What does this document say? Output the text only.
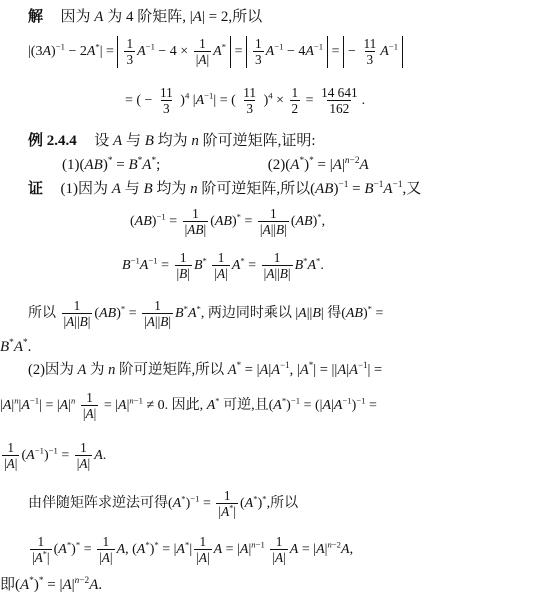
解 因为 A 为 4 阶矩阵, |A| = 2,所以
$|(3A)^{-1} - 2A^*| = \frac{1}{3} A^{-1} - 4 \times \frac{1}{|A|} A^* = \frac{1}{3} A^{-1} - 4A^{-1}$ = − $\frac{11}{3} A^{-1}$
= ( − $\frac{11}{3} )^4$ $|A^{-1}|$ = ( $\frac{11}{3} )^4 \times \frac{1}{2} = \frac{14 641}{162}$ .
例 2.4.4 设 A 与 B 均为 n 阶可逆矩阵,证明:
(1)(AB)* = B*A*;	$(2)(A^*)^* = |A|^{n-2}A$
证 (1)因为 A 与 B 均为 n 阶可逆矩阵,所以$(AB)^{-1} = B^{-1}A^{-1}$,又
$(AB)^{-1} = \frac{1}{|AB|} (AB)^* = \frac{1}{|A||B|} (AB)^*$,
$B^{-1}A^{-1} = \frac{1}{|B|} B^* \frac{1}{|A|} A^* = \frac{1}{|A||B|} B^*A^*$.
所以 $\frac{1}{|A||B|} (AB)^* = \frac{1}{|A||B|} B^*A^*$, 两边同时乘以 |A||B| 得(AB)* =
B*A*.
(2)因为 A 为 n 阶可逆矩阵,所以 $A^* = |A|A^{-1}$, $|A^*| = ||A|A^{-1}|$ =
$|A|^n|A^{-1}| = |A|^n \frac{1}{|A|} = |A|^{n-1} \ne 0$. 因此, A* 可逆,且$(A^*)^{-1} = (|A|A^{-1})^{-1}$ =
$\frac{1}{|A|} (A^{-1})^{-1} = \frac{1}{|A|} A$.
由伴随矩阵求逆法可得$(A^*)^{-1} = \frac{1}{|A^*|} (A^*)^*$,所以
$\frac{1}{|A^*|} (A^*)^* = \frac{1}{|A|} A$, $(A^*)^* = |A^*| \frac{1}{|A|}$ $A = |A|^{n-1} \frac{1}{|A|}$ $A = |A|^{n-2}A$,
即$(A^*)^* = |A|^{n-2}A$.
